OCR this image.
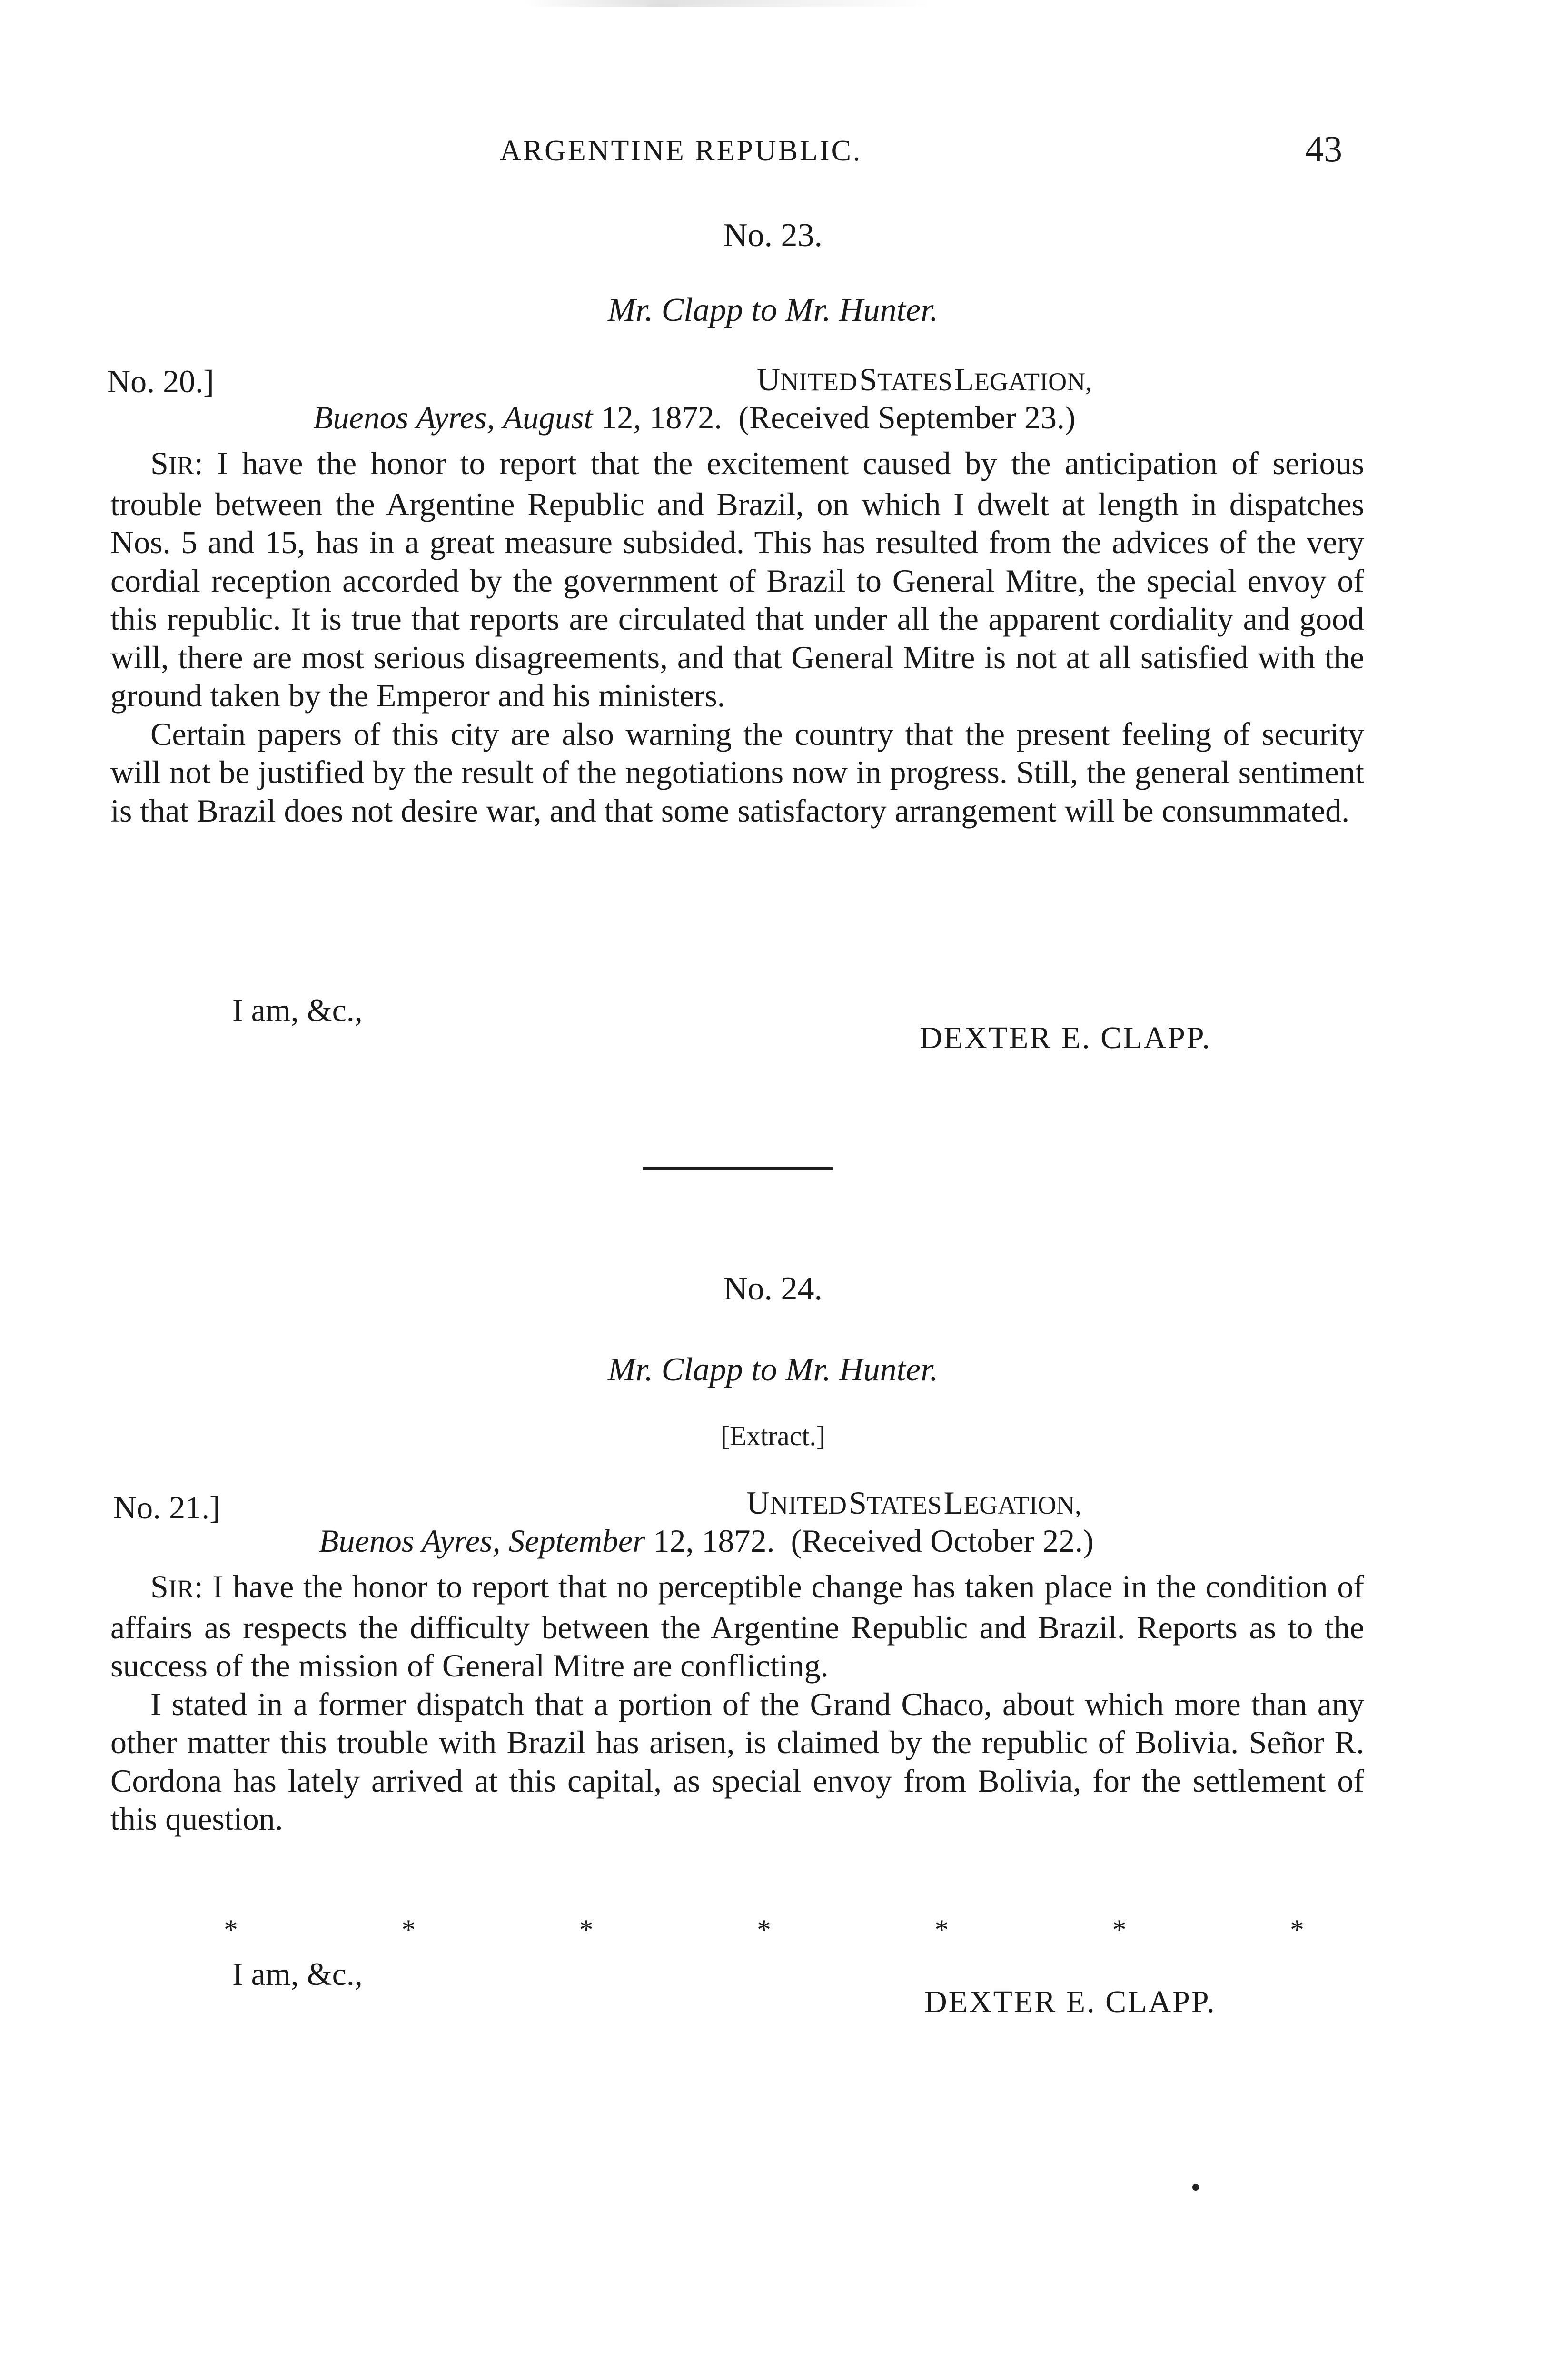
ARGENTINE REPUBLIC.	43
No. 23.
Mr. Clapp to Mr. Hunter.
No. 20.]	UNITED STATES LEGATION,
Buenos Ayres, August 12, 1872. (Received September 23.)

SIR: I have the honor to report that the excitement caused by the anticipation of serious trouble between the Argentine Republic and Brazil, on which I dwelt at length in dispatches Nos. 5 and 15, has in a great measure subsided. This has resulted from the advices of the very cordial reception accorded by the government of Brazil to General Mitre, the special envoy of this republic. It is true that reports are circulated that under all the apparent cordiality and good will, there are most serious disagreements, and that General Mitre is not at all satisfied with the ground taken by the Emperor and his ministers.

Certain papers of this city are also warning the country that the present feeling of security will not be justified by the result of the negotiations now in progress. Still, the general sentiment is that Brazil does not desire war, and that some satisfactory arrangement will be consummated.

I am, &c.,
DEXTER E. CLAPP.
No. 24.
Mr. Clapp to Mr. Hunter.
[Extract.]
No. 21.]	UNITED STATES LEGATION,
Buenos Ayres, September 12, 1872. (Received October 22.)

SIR: I have the honor to report that no perceptible change has taken place in the condition of affairs as respects the difficulty between the Argentine Republic and Brazil. Reports as to the success of the mission of General Mitre are conflicting.

I stated in a former dispatch that a portion of the Grand Chaco, about which more than any other matter this trouble with Brazil has arisen, is claimed by the republic of Bolivia. Señor R. Cordona has lately arrived at this capital, as special envoy from Bolivia, for the settlement of this question.

*	*	*	*	*	*	*
I am, &c.,
DEXTER E. CLAPP.
